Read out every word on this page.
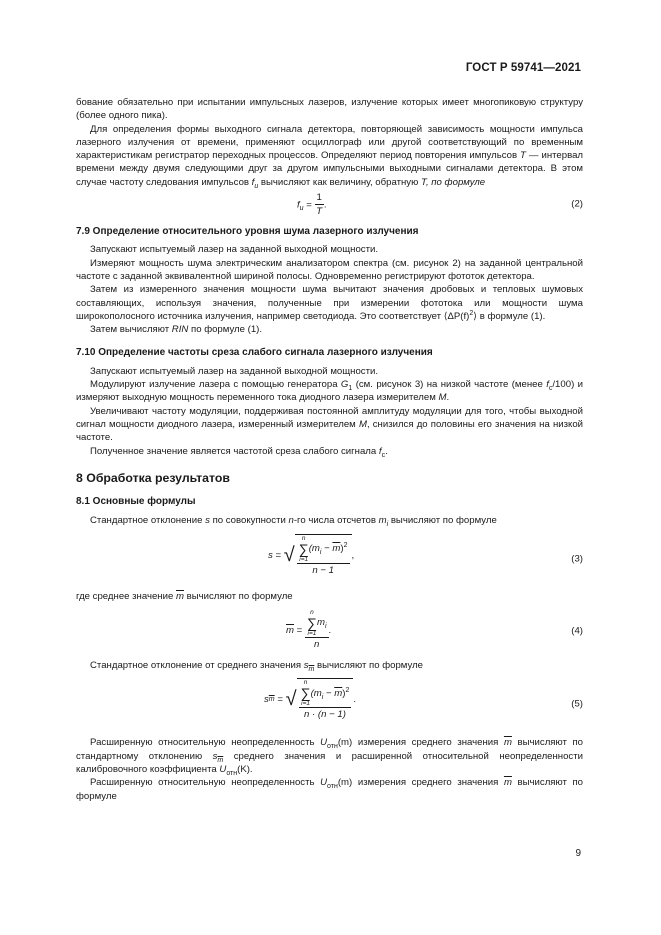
ГОСТ Р 59741—2021

бование обязательно при испытании импульсных лазеров, излучение которых имеет многопиковую структуру (более одного пика).

Для определения формы выходного сигнала детектора, повторяющей зависимость мощности импульса лазерного излучения от времени, применяют осциллограф или другой соответствующий по временным характеристикам регистратор переходных процессов. Определяют период повторения импульсов T — интервал времени между двумя следующими друг за другом импульсными выходными сигналами детектора. В этом случае частоту следования импульсов $f_и$ вычисляют как величину, обратную T, по формуле

$f_и = \frac{1}{T}$ .	(2)
7.9 Определение относительного уровня шума лазерного излучения

Запускают испытуемый лазер на заданной выходной мощности.

Измеряют мощность шума электрическим анализатором спектра (см. рисунок 2) на заданной центральной частоте с заданной эквивалентной шириной полосы. Одновременно регистрируют фототок детектора.

Затем из измеренного значения мощности шума вычитают значения дробовых и тепловых шумовых составляющих, используя значения, полученные при измерении фототока или мощности шума широкополосного источника излучения, например светодиода. Это соответствует $⟨\Delta P(f)^2⟩$ в формуле (1).

Затем вычисляют RIN по формуле (1).

7.10 Определение частоты среза слабого сигнала лазерного излучения

Запускают испытуемый лазер на заданной выходной мощности.

Модулируют излучение лазера с помощью генератора $G_1$ (см. рисунок 3) на низкой частоте (менее $f_c/100$) и измеряют выходную мощность переменного тока диодного лазера измерителем M.

Увеличивают частоту модуляции, поддерживая постоянной амплитуду модуляции для того, чтобы выходной сигнал мощности диодного лазера, измеренный измерителем M, снизился до половины его значения на низкой частоте.

Полученное значение является частотой среза слабого сигнала $f_c$.

8 Обработка результатов
8.1 Основные формулы

Стандартное отклонение s по совокупности n-го числа отсчетов $m_i$ вычисляют по формуле

s
=
√ n
∑
i=1
$(m_i - \overline{m})^2$
n − 1 ,	(3)

где среднее значение $\overline{m}$ вычисляют по формуле

$\overline{m}$
=
n
∑
i=1
$m_i$
n .	(4)

Стандартное отклонение от среднего значения $s_{\overline{m}}$ вычисляют по формуле

s $\overline{m}$
=
√ n
∑
i=1
$(m_i - \overline{m})^2$
n · (n − 1) .	(5)

Расширенную относительную неопределенность $U_{отн}(m)$ измерения среднего значения $\overline{m}$ вычисляют по стандартному отклонению $s_{\overline{m}}$ среднего значения и расширенной относительной неопределенности калибровочного коэффициента $U_{отн}(K)$.

Расширенную относительную неопределенность $U_{отн}(m)$ измерения среднего значения $\overline{m}$ вычисляют по формуле

9
